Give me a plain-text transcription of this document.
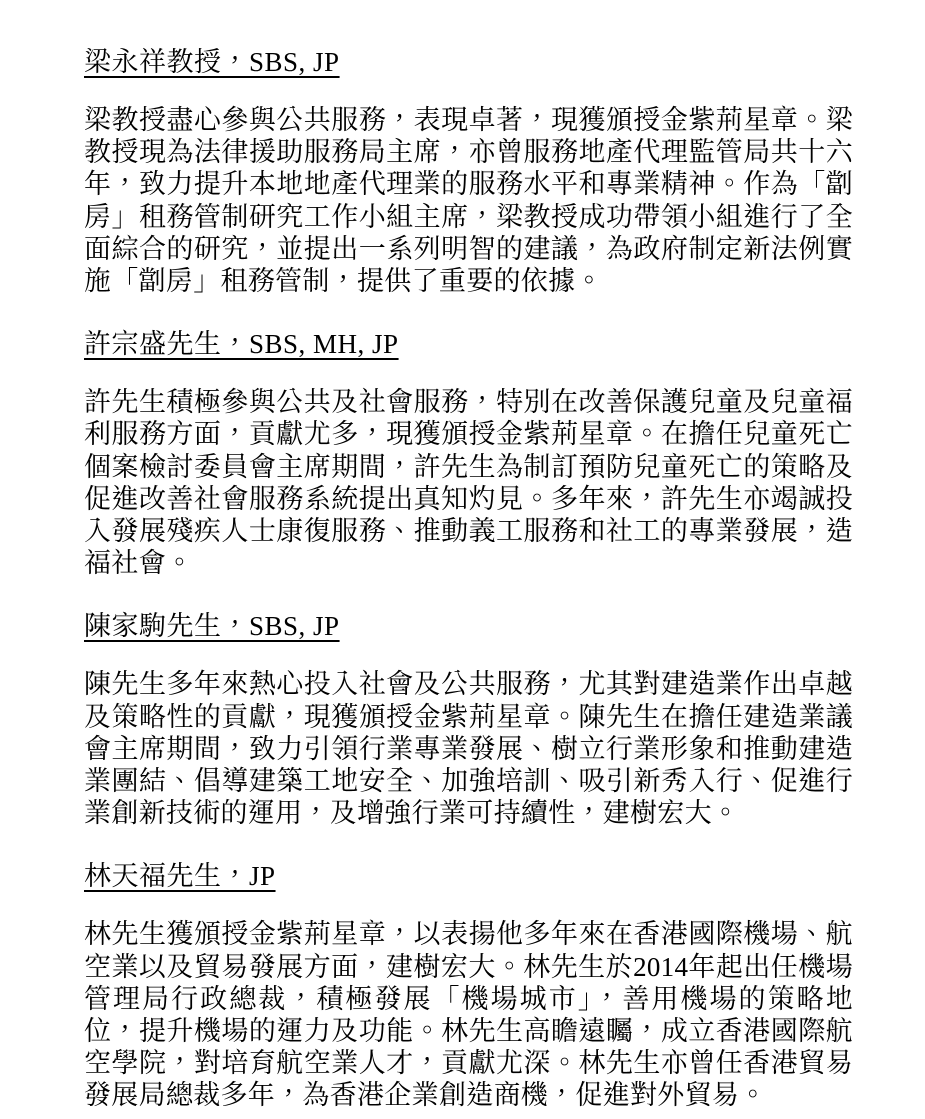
梁永祥教授，SBS, JP

梁教授盡心參與公共服務，表現卓著，現獲頒授金紫荊星章。梁教授現為法律援助服務局主席，亦曾服務地產代理監管局共十六年，致力提升本地地產代理業的服務水平和專業精神。作為「劏房」租務管制研究工作小組主席，梁教授成功帶領小組進行了全面綜合的研究，並提出一系列明智的建議，為政府制定新法例實施「劏房」租務管制，提供了重要的依據。

許宗盛先生，SBS, MH, JP

許先生積極參與公共及社會服務，特別在改善保護兒童及兒童福利服務方面，貢獻尤多，現獲頒授金紫荊星章。在擔任兒童死亡個案檢討委員會主席期間，許先生為制訂預防兒童死亡的策略及促進改善社會服務系統提出真知灼見。多年來，許先生亦竭誠投入發展殘疾人士康復服務、推動義工服務和社工的專業發展，造福社會。

陳家駒先生，SBS, JP

陳先生多年來熱心投入社會及公共服務，尤其對建造業作出卓越及策略性的貢獻，現獲頒授金紫荊星章。陳先生在擔任建造業議會主席期間，致力引領行業專業發展、樹立行業形象和推動建造業團結、倡導建築工地安全、加強培訓、吸引新秀入行、促進行業創新技術的運用，及增強行業可持續性，建樹宏大。

林天福先生，JP

林先生獲頒授金紫荊星章，以表揚他多年來在香港國際機場、航空業以及貿易發展方面，建樹宏大。林先生於2014年起出任機場管理局行政總裁，積極發展「機場城市」，善用機場的策略地位，提升機場的運力及功能。林先生高瞻遠矚，成立香港國際航空學院，對培育航空業人才，貢獻尤深。林先生亦曾任香港貿易發展局總裁多年，為香港企業創造商機，促進對外貿易。
